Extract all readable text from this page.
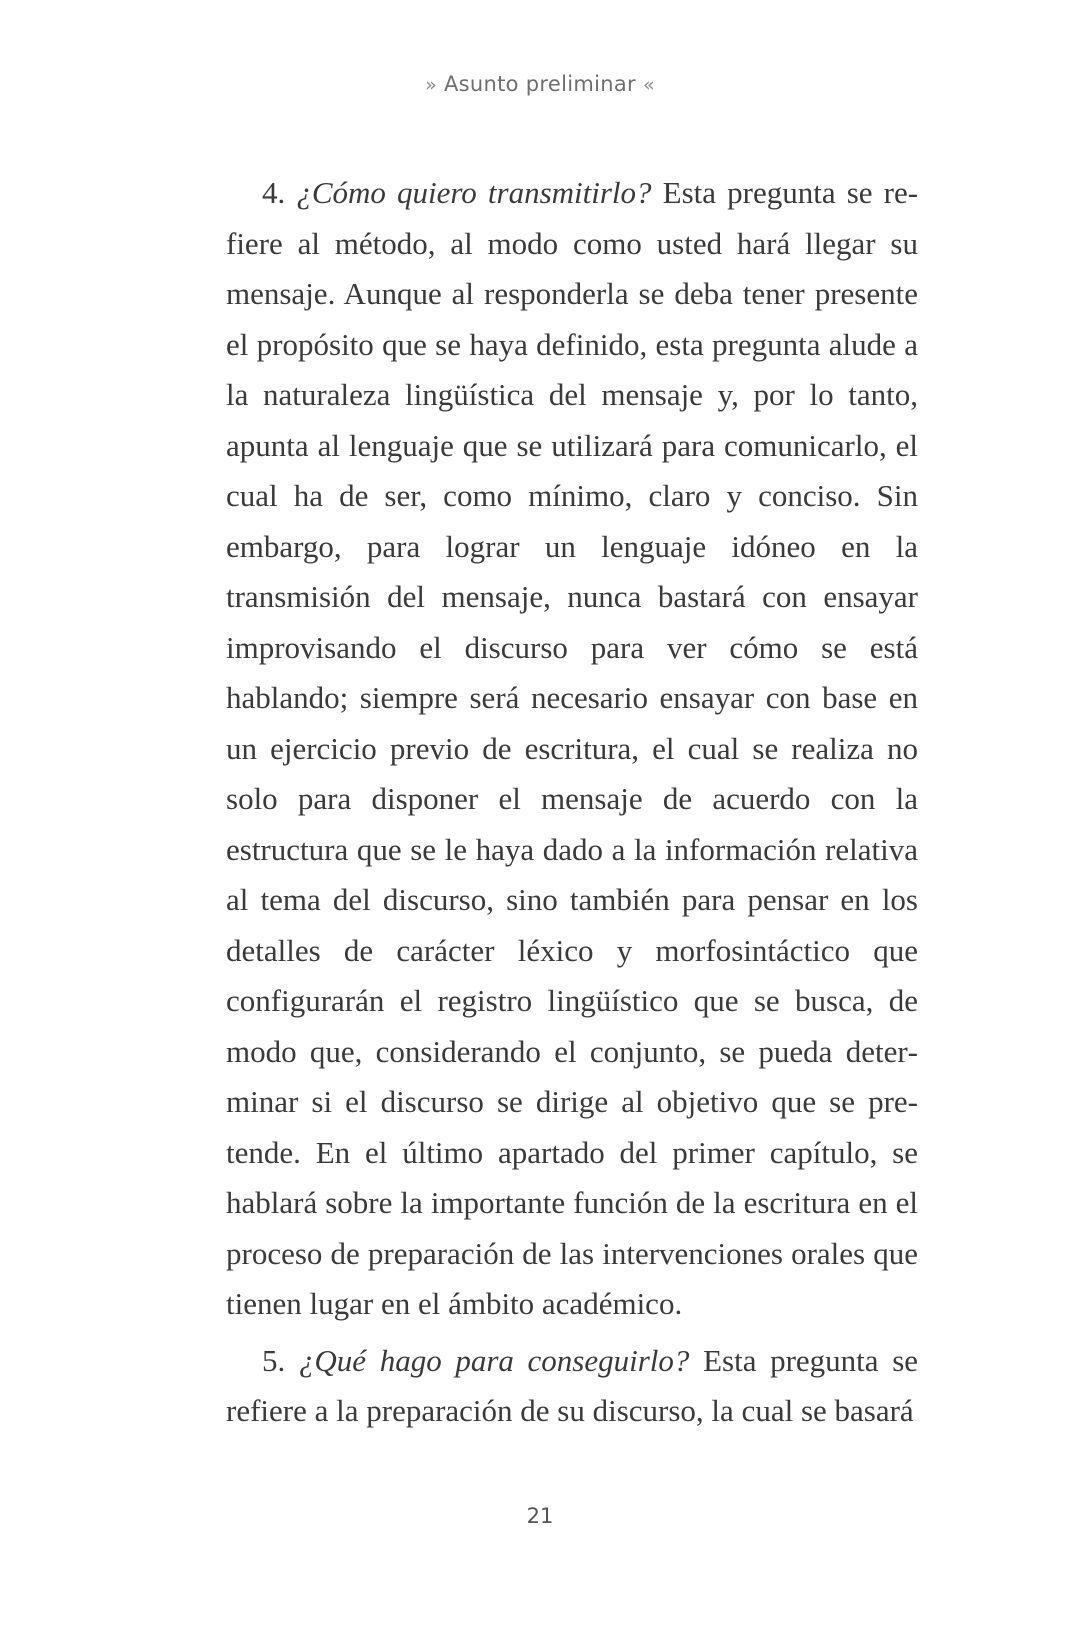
» Asunto preliminar «

4. ¿Cómo quiero transmitirlo? Esta pregunta se refiere al método, al modo como usted hará llegar su mensaje. Aunque al responderla se deba tener presente el propósito que se haya definido, esta pregunta alude a la naturaleza lingüística del mensaje y, por lo tanto, apunta al lenguaje que se utilizará para comunicarlo, el cual ha de ser, como mínimo, claro y conciso. Sin embargo, para lograr un lenguaje idóneo en la transmisión del mensaje, nunca bastará con ensayar improvisando el discurso para ver cómo se está hablando; siempre será necesario ensayar con base en un ejercicio previo de escritura, el cual se realiza no solo para disponer el mensaje de acuerdo con la estructura que se le haya dado a la información relativa al tema del discurso, sino también para pensar en los detalles de carácter léxico y morfosintáctico que configurarán el registro lingüístico que se busca, de modo que, considerando el conjunto, se pueda determinar si el discurso se dirige al objetivo que se pretende. En el último apartado del primer capítulo, se hablará sobre la importante función de la escritura en el proceso de preparación de las intervenciones orales que tienen lugar en el ámbito académico.

5. ¿Qué hago para conseguirlo? Esta pregunta se refiere a la preparación de su discurso, la cual se basará

21
